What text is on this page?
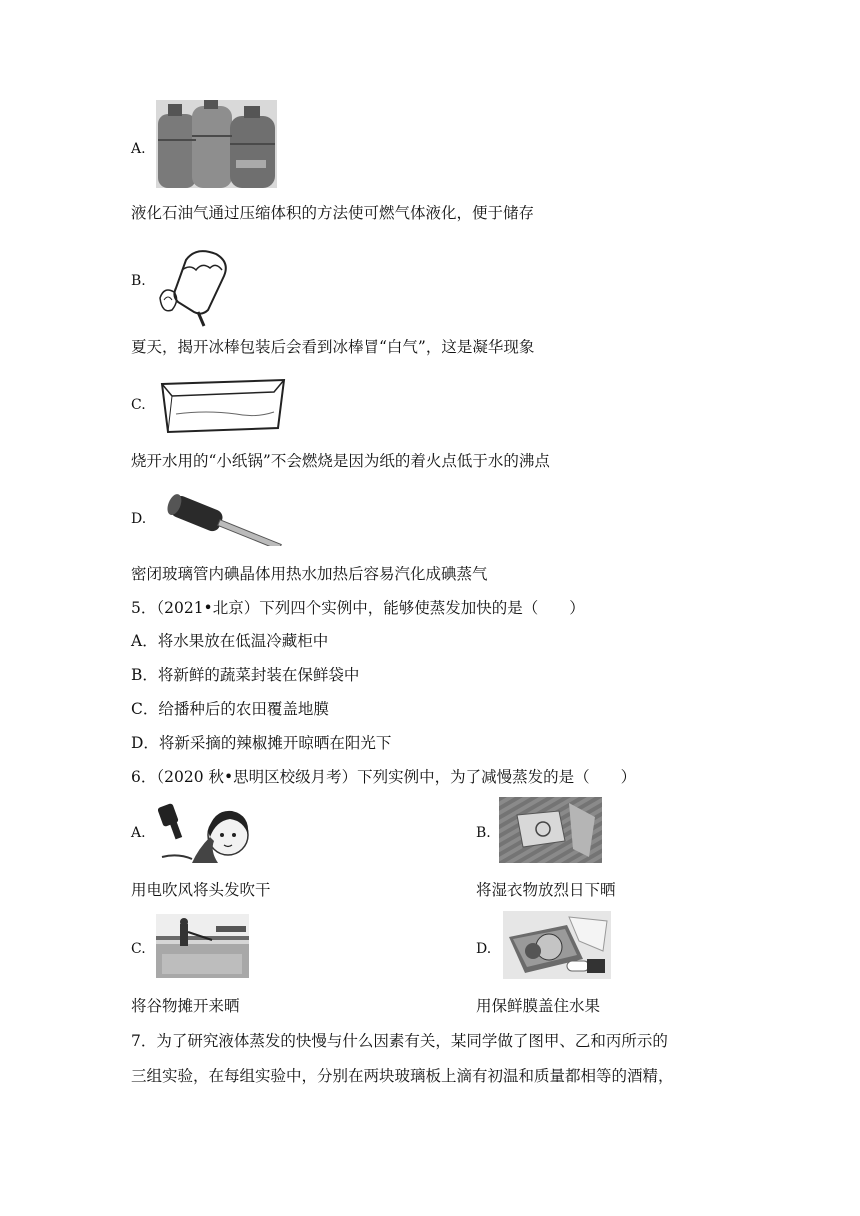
A.
液化石油气通过压缩体积的方法使可燃气体液化，便于储存
B.
夏天，揭开冰棒包装后会看到冰棒冒“白气”，这是凝华现象
C.
烧开水用的“小纸锅”不会燃烧是因为纸的着火点低于水的沸点
D.
密闭玻璃管内碘晶体用热水加热后容易汽化成碘蒸气
5．（2021•北京）下列四个实例中，能够使蒸发加快的是（　　）
A．将水果放在低温冷藏柜中
B．将新鲜的蔬菜封装在保鲜袋中
C．给播种后的农田覆盖地膜
D．将新采摘的辣椒摊开晾晒在阳光下
6．（2020 秋•思明区校级月考）下列实例中，为了减慢蒸发的是（　　）
A.	B.
用电吹风将头发吹干	将湿衣物放烈日下晒
C.	D.
将谷物摊开来晒	用保鲜膜盖住水果
7．为了研究液体蒸发的快慢与什么因素有关，某同学做了图甲、乙和丙所示的
三组实验，在每组实验中，分别在两块玻璃板上滴有初温和质量都相等的酒精，
